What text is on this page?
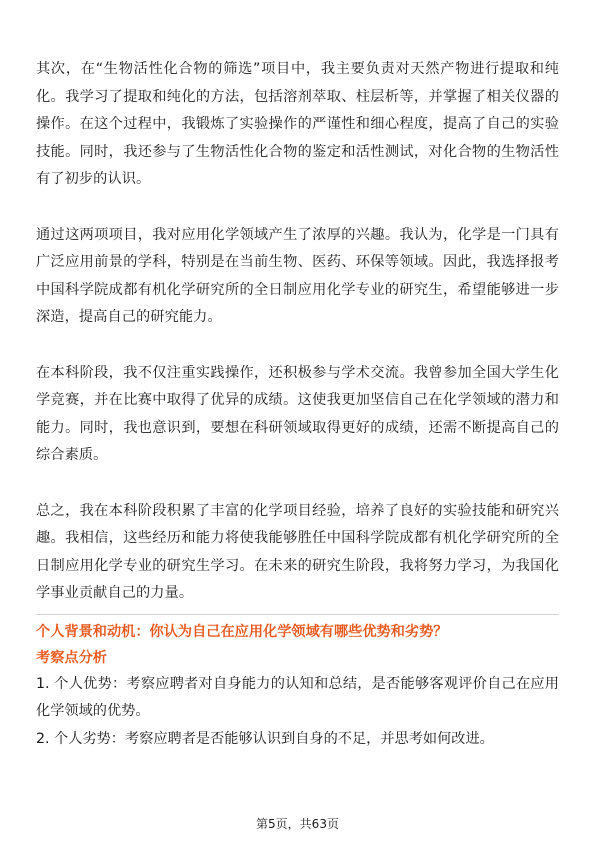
其次，在“生物活性化合物的筛选”项目中，我主要负责对天然产物进行提取和纯化。我学习了提取和纯化的方法，包括溶剂萃取、柱层析等，并掌握了相关仪器的操作。在这个过程中，我锻炼了实验操作的严谨性和细心程度，提高了自己的实验技能。同时，我还参与了生物活性化合物的鉴定和活性测试，对化合物的生物活性有了初步的认识。

通过这两项项目，我对应用化学领域产生了浓厚的兴趣。我认为，化学是一门具有广泛应用前景的学科，特别是在当前生物、医药、环保等领域。因此，我选择报考中国科学院成都有机化学研究所的全日制应用化学专业的研究生，希望能够进一步深造，提高自己的研究能力。

在本科阶段，我不仅注重实践操作，还积极参与学术交流。我曾参加全国大学生化学竞赛，并在比赛中取得了优异的成绩。这使我更加坚信自己在化学领域的潜力和能力。同时，我也意识到，要想在科研领域取得更好的成绩，还需不断提高自己的综合素质。

总之，我在本科阶段积累了丰富的化学项目经验，培养了良好的实验技能和研究兴趣。我相信，这些经历和能力将使我能够胜任中国科学院成都有机化学研究所的全日制应用化学专业的研究生学习。在未来的研究生阶段，我将努力学习，为我国化学事业贡献自己的力量。

个人背景和动机：你认为自己在应用化学领域有哪些优势和劣势？

考察点分析

1. 个人优势：考察应聘者对自身能力的认知和总结，是否能够客观评价自己在应用化学领域的优势。

2. 个人劣势：考察应聘者是否能够认识到自身的不足，并思考如何改进。

第5页，共63页
